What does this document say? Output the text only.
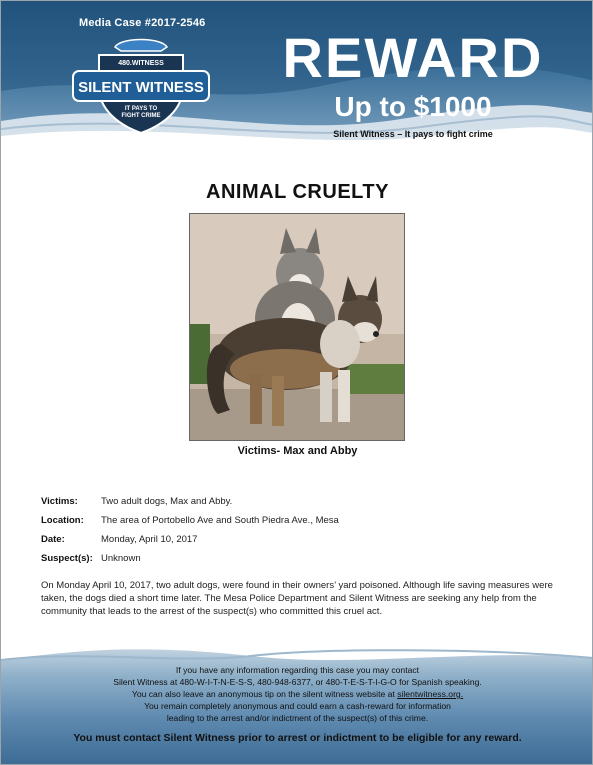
Media Case #2017-2546
480.WITNESS
SILENT WITNESS
IT PAYS TO
FIGHT CRIME
REWARD
Up to $1000
Silent Witness – It pays to fight crime
ANIMAL CRUELTY
Victims- Max and Abby
Victims: Two adult dogs, Max and Abby.
Location: The area of Portobello Ave and South Piedra Ave., Mesa
Date:	Monday, April 10, 2017
Suspect(s): Unknown

On Monday April 10, 2017, two adult dogs, were found in their owners’ yard poisoned. Although life saving measures were taken, the dogs died a short time later. The Mesa Police Department and Silent Witness are seeking any help from the community that leads to the arrest of the suspect(s) who committed this cruel act.

If you have any information regarding this case you may contact
Silent Witness at 480-W-I-T-N-E-S-S, 480-948-6377, or 480-T-E-S-T-I-G-O for Spanish speaking.
You can also leave an anonymous tip on the silent witness website at silentwitness.org.
You remain completely anonymous and could earn a cash-reward for information
leading to the arrest and/or indictment of the suspect(s) of this crime.
You must contact Silent Witness prior to arrest or indictment to be eligible for any reward.
